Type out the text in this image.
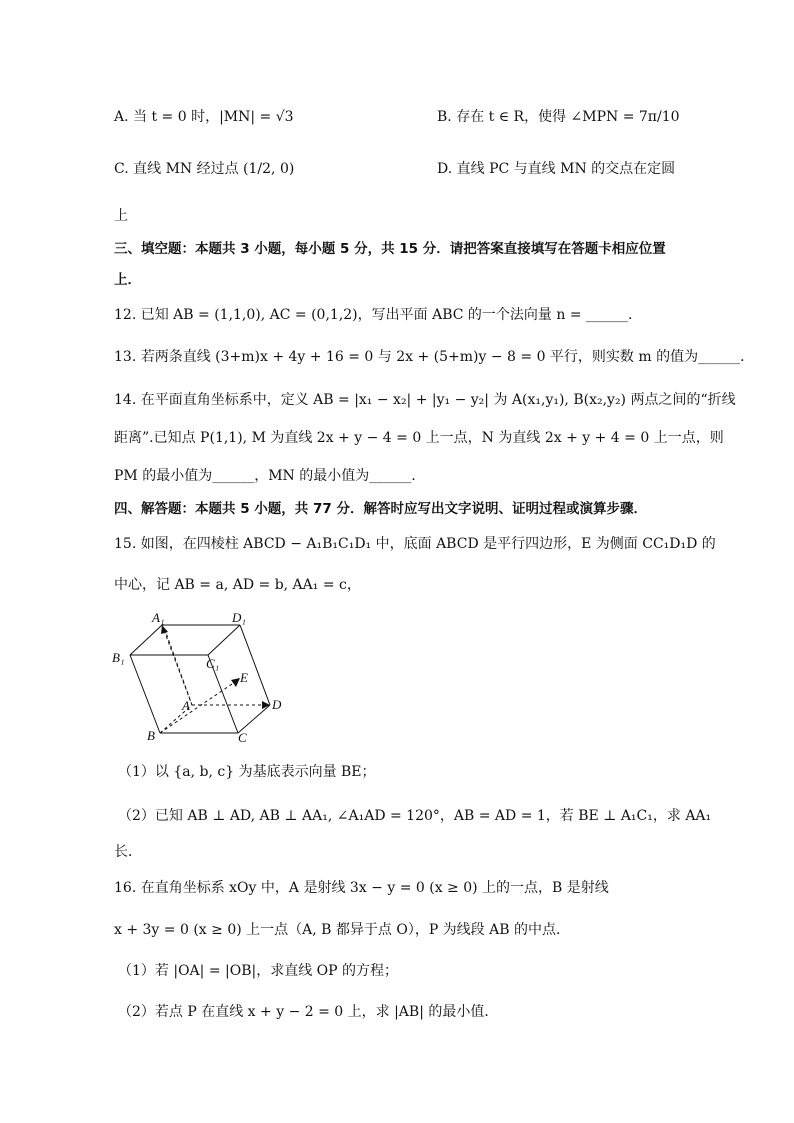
A. 当 t = 0 时，|MN| = √3	B. 存在 t ∈ R，使得 ∠MPN = 7π/10
C. 直线 MN 经过点 (1/2, 0)	D. 直线 PC 与直线 MN 的交点在定圆
上
三、填空题：本题共 3 小题，每小题 5 分，共 15 分．请把答案直接填写在答题卡相应位置
上．
12. 已知 AB = (1,1,0), AC = (0,1,2)，写出平面 ABC 的一个法向量 n = ______.
13. 若两条直线 (3+m)x + 4y + 16 = 0 与 2x + (5+m)y − 8 = 0 平行，则实数 m 的值为______．
14. 在平面直角坐标系中，定义 AB = |x₁ − x₂| + |y₁ − y₂| 为 A(x₁,y₁), B(x₂,y₂) 两点之间的“折线
距离”.已知点 P(1,1), M 为直线 2x + y − 4 = 0 上一点，N 为直线 2x + y + 4 = 0 上一点，则
PM 的最小值为______，MN 的最小值为______.
四、解答题：本题共 5 小题，共 77 分．解答时应写出文字说明、证明过程或演算步骤．
15. 如图，在四棱柱 ABCD − A₁B₁C₁D₁ 中，底面 ABCD 是平行四边形，E 为侧面 CC₁D₁D 的
中心，记 AB = a, AD = b, AA₁ = c，
A₁	D₁
B₁	C₁
A
B	C
D
E
（1）以 {a, b, c} 为基底表示向量 BE；
（2）已知 AB ⊥ AD, AB ⊥ AA₁, ∠A₁AD = 120°，AB = AD = 1，若 BE ⊥ A₁C₁，求 AA₁
长．
16. 在直角坐标系 xOy 中，A 是射线 3x − y = 0 (x ≥ 0) 上的一点，B 是射线
x + 3y = 0 (x ≥ 0) 上一点（A, B 都异于点 O），P 为线段 AB 的中点．
（1）若 |OA| = |OB|，求直线 OP 的方程；
（2）若点 P 在直线 x + y − 2 = 0 上，求 |AB| 的最小值．
